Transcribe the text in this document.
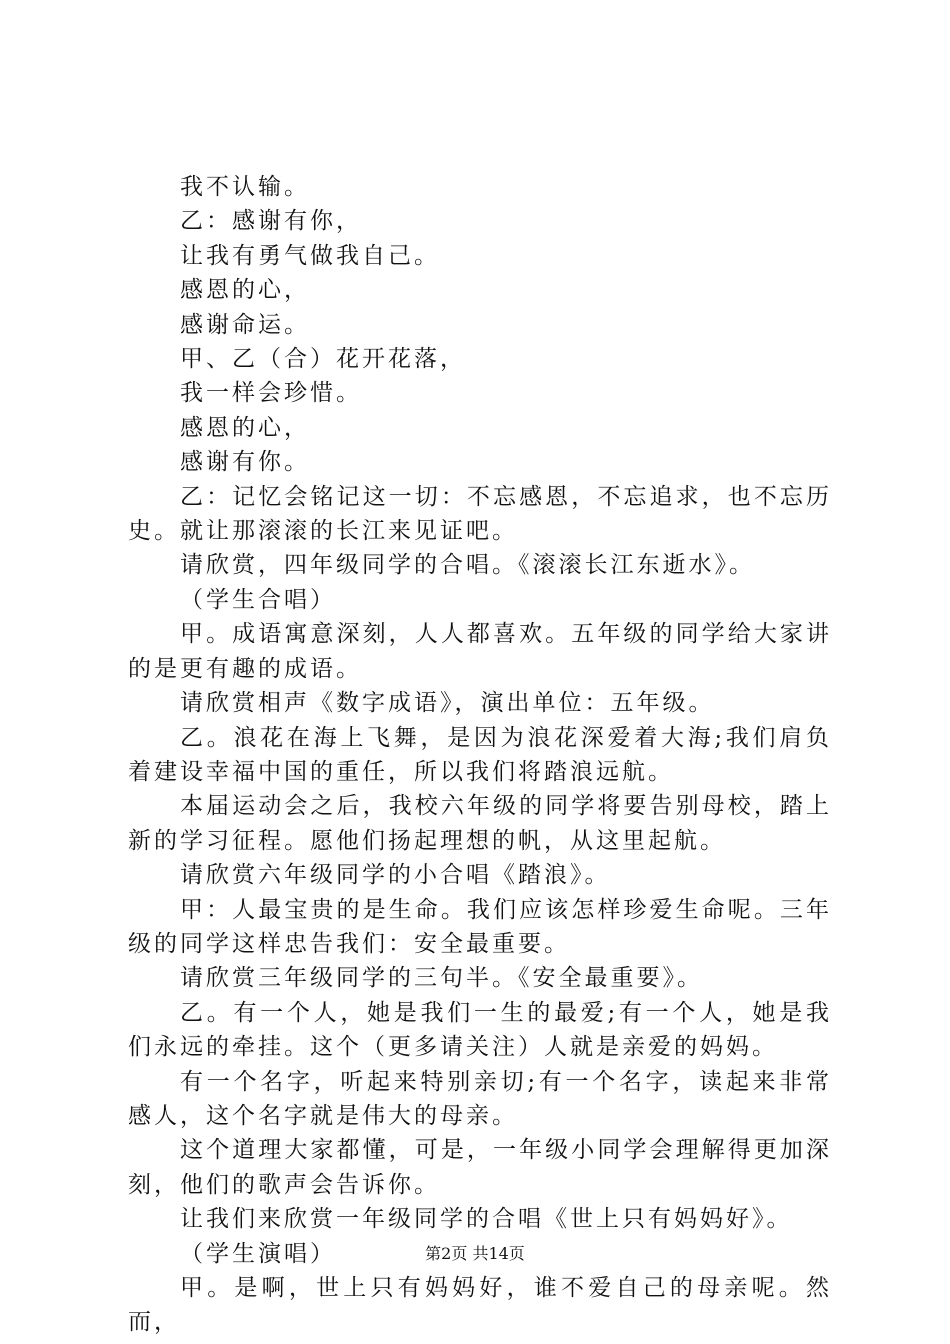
我不认输。

乙：感谢有你，

让我有勇气做我自己。

感恩的心，

感谢命运。

甲、乙（合）花开花落，

我一样会珍惜。

感恩的心，

感谢有你。

乙：记忆会铭记这一切：不忘感恩，不忘追求，也不忘历史。就让那滚滚的长江来见证吧。

请欣赏，四年级同学的合唱。《滚滚长江东逝水》。

（学生合唱）

甲。成语寓意深刻，人人都喜欢。五年级的同学给大家讲的是更有趣的成语。

请欣赏相声《数字成语》，演出单位：五年级。

乙。浪花在海上飞舞，是因为浪花深爱着大海;我们肩负着建设幸福中国的重任，所以我们将踏浪远航。

本届运动会之后，我校六年级的同学将要告别母校，踏上新的学习征程。愿他们扬起理想的帆，从这里起航。

请欣赏六年级同学的小合唱《踏浪》。

甲：人最宝贵的是生命。我们应该怎样珍爱生命呢。三年级的同学这样忠告我们：安全最重要。

请欣赏三年级同学的三句半。《安全最重要》。

乙。有一个人，她是我们一生的最爱;有一个人，她是我们永远的牵挂。这个（更多请关注）人就是亲爱的妈妈。

有一个名字，听起来特别亲切;有一个名字，读起来非常感人，这个名字就是伟大的母亲。

这个道理大家都懂，可是，一年级小同学会理解得更加深刻，他们的歌声会告诉你。

让我们来欣赏一年级同学的合唱《世上只有妈妈好》。

（学生演唱）

甲。是啊，世上只有妈妈好，谁不爱自己的母亲呢。然而，

第2页 共14页
